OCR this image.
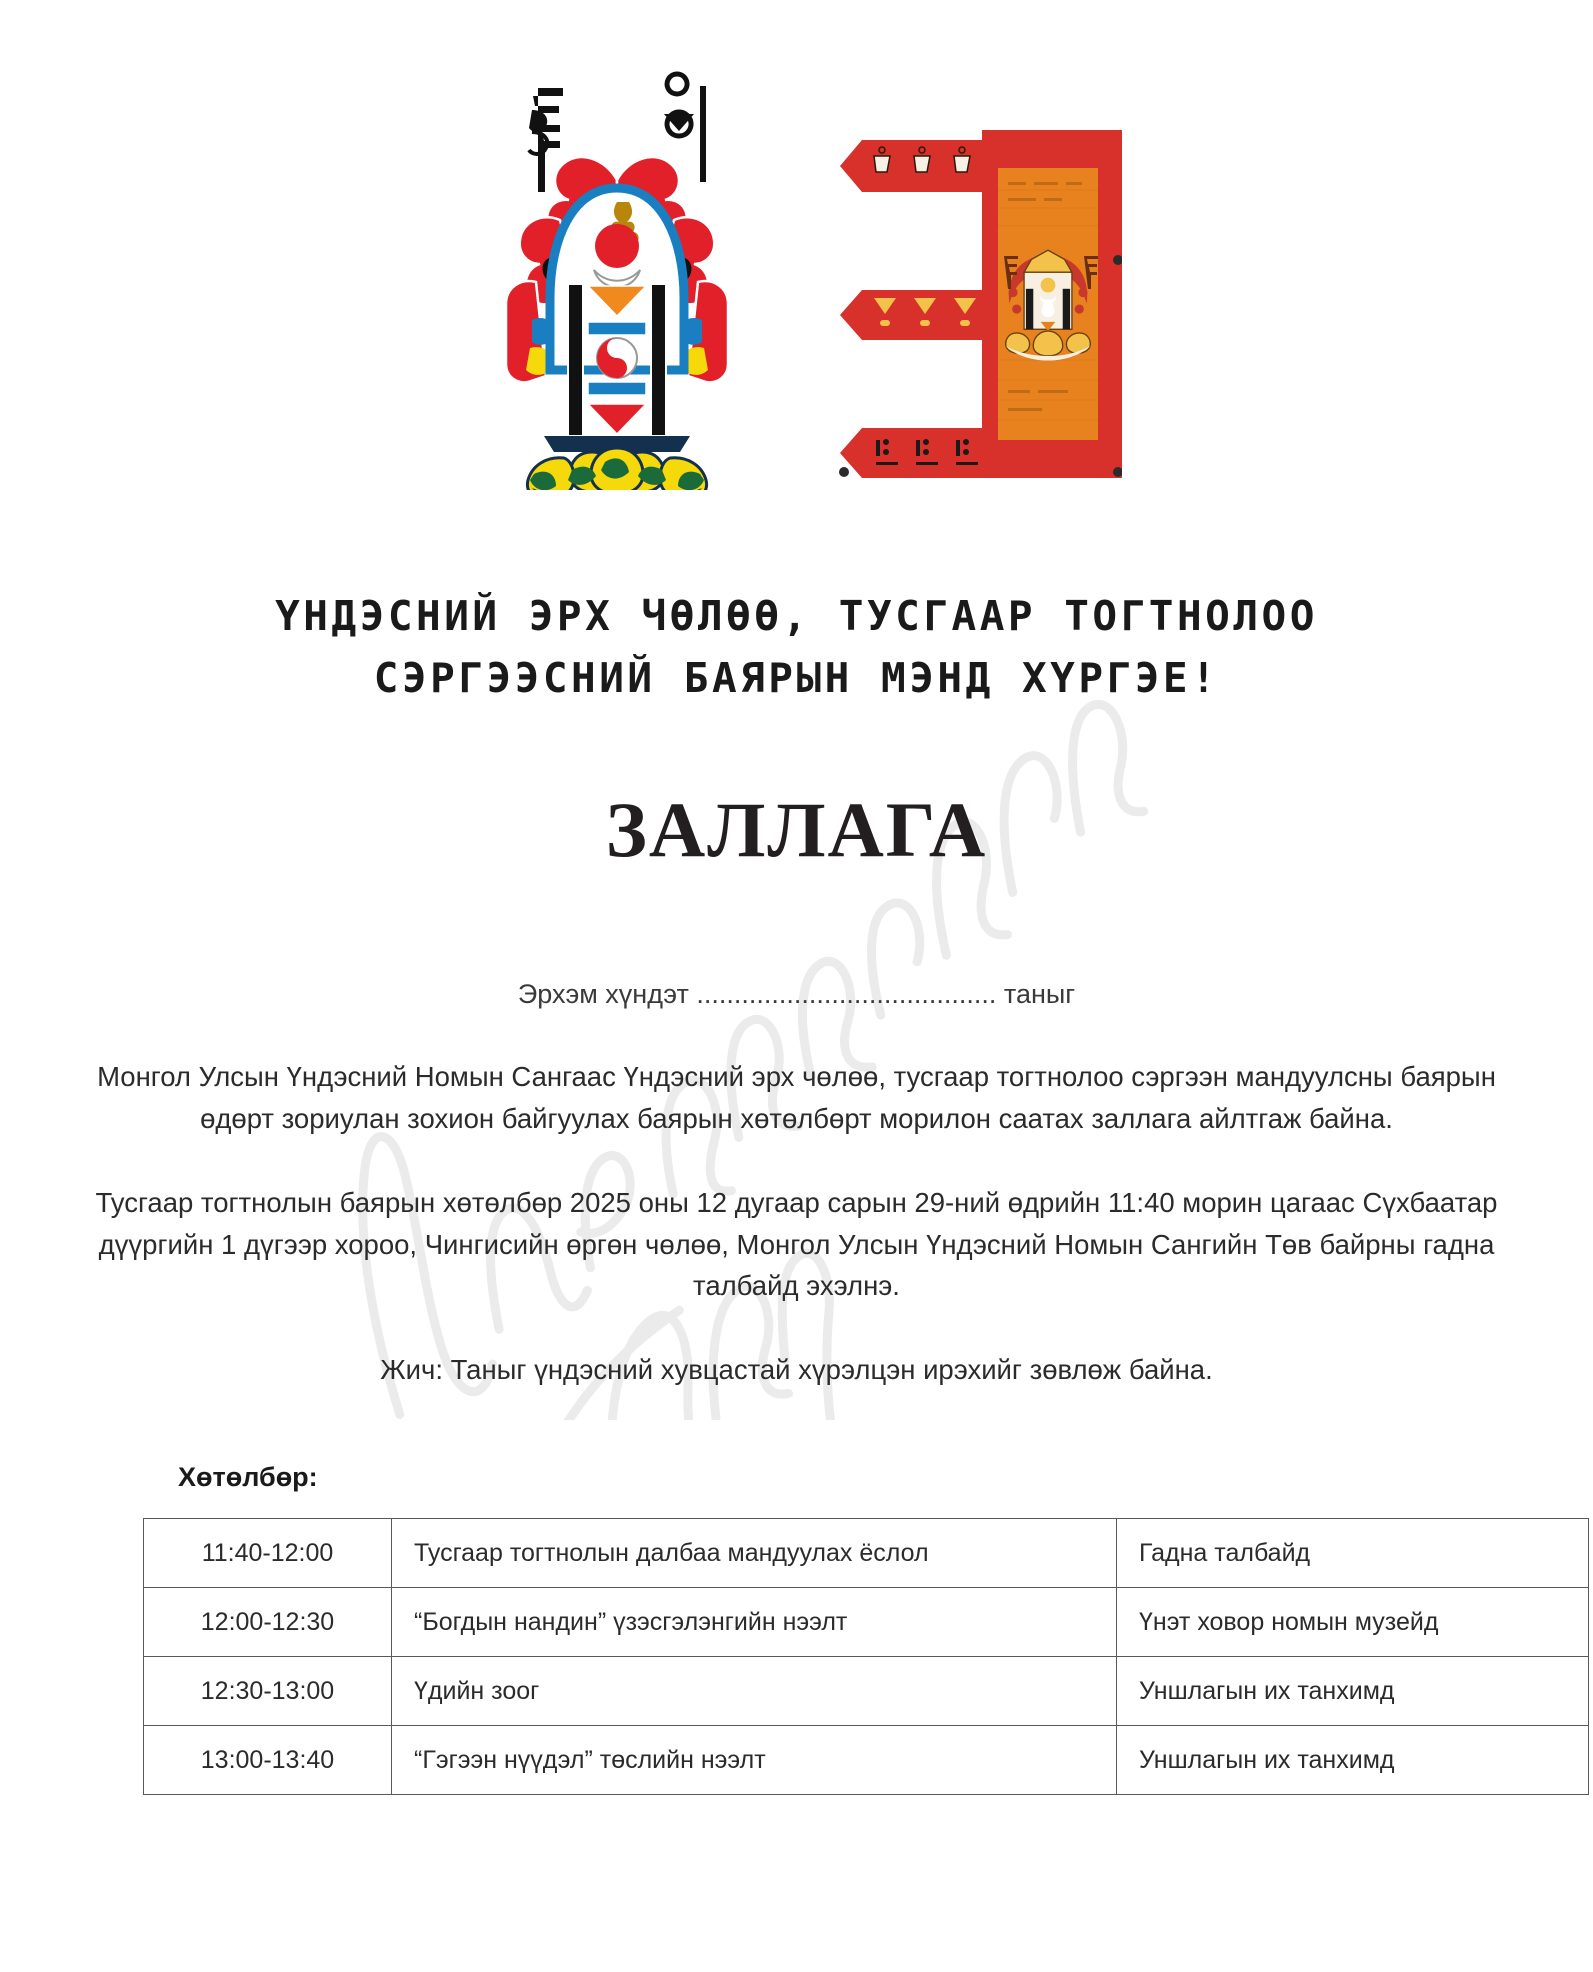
ҮНДЭСНИЙ ЭРХ ЧӨЛӨӨ, ТУСГААР ТОГТНОЛОО
СЭРГЭЭСНИЙ БАЯРЫН МЭНД ХҮРГЭЕ!
ЗАЛЛАГА
Эрхэм хүндэт ........................................ таныг

Монгол Улсын Үндэсний Номын Сангаас Үндэсний эрх чөлөө, тусгаар тогтнолоо сэргээн мандуулсны баярын өдөрт зориулан зохион байгуулах баярын хөтөлбөрт морилон саатах заллага айлтгаж байна.

Тусгаар тогтнолын баярын хөтөлбөр 2025 оны 12 дугаар сарын 29-ний өдрийн 11:40 морин цагаас Сүхбаатар дүүргийн 1 дүгээр хороо, Чингисийн өргөн чөлөө, Монгол Улсын Үндэсний Номын Сангийн Төв байрны гадна талбайд эхэлнэ.

Жич: Таныг үндэсний хувцастай хүрэлцэн ирэхийг зөвлөж байна.

Хөтөлбөр:
11:40-12:00	Тусгаар тогтнолын далбаа мандуулах ёслол	Гадна талбайд
12:00-12:30	“Богдын нандин” үзэсгэлэнгийн нээлт	Үнэт ховор номын музейд
12:30-13:00	Үдийн зоог	Уншлагын их танхимд
13:00-13:40	“Гэгээн нүүдэл” төслийн нээлт	Уншлагын их танхимд
